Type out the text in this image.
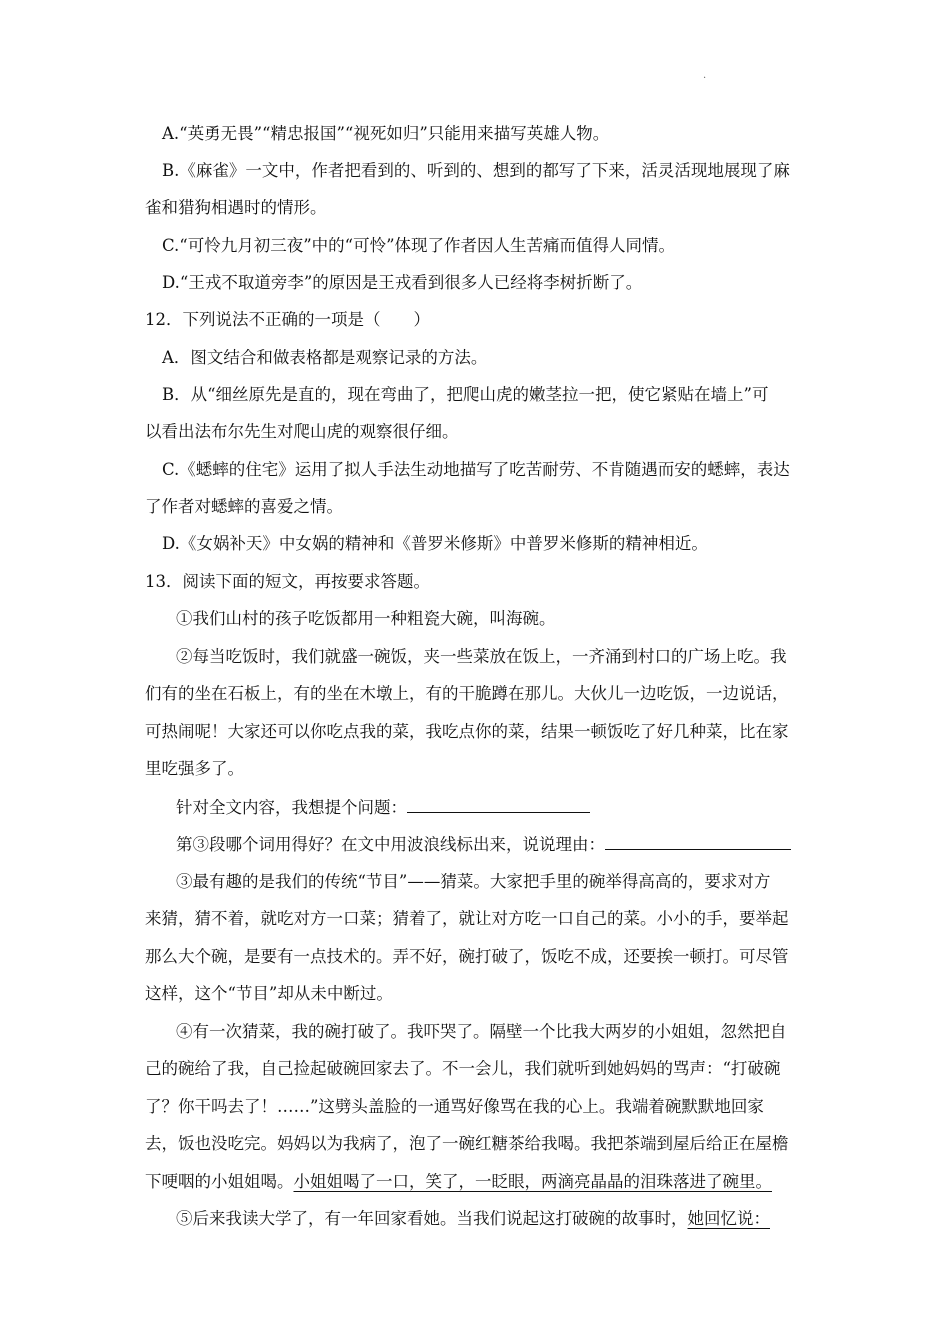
.
A.“英勇无畏”“精忠报国”“视死如归”只能用来描写英雄人物。
B.《麻雀》一文中，作者把看到的、听到的、想到的都写了下来，活灵活现地展现了麻
雀和猎狗相遇时的情形。
C.“可怜九月初三夜”中的“可怜”体现了作者因人生苦痛而值得人同情。
D.“王戎不取道旁李”的原因是王戎看到很多人已经将李树折断了。
12．下列说法不正确的一项是（　　）
A．图文结合和做表格都是观察记录的方法。
B．从“细丝原先是直的，现在弯曲了，把爬山虎的嫩茎拉一把，使它紧贴在墙上”可
以看出法布尔先生对爬山虎的观察很仔细。
C.《蟋蟀的住宅》运用了拟人手法生动地描写了吃苦耐劳、不肯随遇而安的蟋蟀，表达
了作者对蟋蟀的喜爱之情。
D.《女娲补天》中女娲的精神和《普罗米修斯》中普罗米修斯的精神相近。
13．阅读下面的短文，再按要求答题。
①我们山村的孩子吃饭都用一种粗瓷大碗，叫海碗。
②每当吃饭时，我们就盛一碗饭，夹一些菜放在饭上，一齐涌到村口的广场上吃。我
们有的坐在石板上，有的坐在木墩上，有的干脆蹲在那儿。大伙儿一边吃饭，一边说话，
可热闹呢！大家还可以你吃点我的菜，我吃点你的菜，结果一顿饭吃了好几种菜，比在家
里吃强多了。
针对全文内容，我想提个问题：
第③段哪个词用得好？在文中用波浪线标出来，说说理由：
③最有趣的是我们的传统“节目”——猜菜。大家把手里的碗举得高高的，要求对方
来猜，猜不着，就吃对方一口菜；猜着了，就让对方吃一口自己的菜。小小的手，要举起
那么大个碗，是要有一点技术的。弄不好，碗打破了，饭吃不成，还要挨一顿打。可尽管
这样，这个“节目”却从未中断过。
④有一次猜菜，我的碗打破了。我吓哭了。隔壁一个比我大两岁的小姐姐，忽然把自
己的碗给了我，自己捡起破碗回家去了。不一会儿，我们就听到她妈妈的骂声：“打破碗
了？你干吗去了！……”这劈头盖脸的一通骂好像骂在我的心上。我端着碗默默地回家
去，饭也没吃完。妈妈以为我病了，泡了一碗红糖茶给我喝。我把茶端到屋后给正在屋檐
下哽咽的小姐姐喝。小姐姐喝了一口，笑了，一眨眼，两滴亮晶晶的泪珠落进了碗里。
⑤后来我读大学了，有一年回家看她。当我们说起这打破碗的故事时，她回忆说：
